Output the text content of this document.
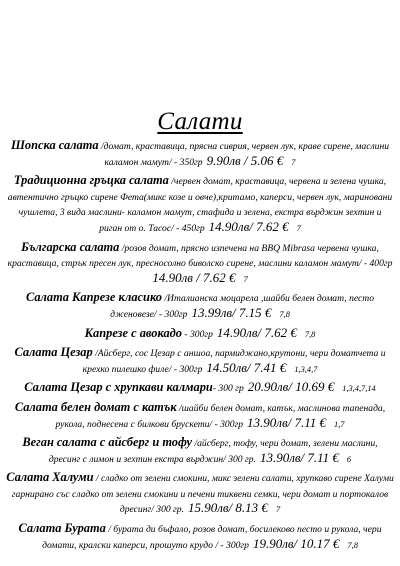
Салати
Шопска салата /домат, краставица, прясна сиврия, червен лук, краве сирене, маслини каламон мамут/ - 350гр 9.90лв / 5.06 € 7
Традиционна гръцка салата /червен домат, краставица, червена и зелена чушка, автентично гръцко сирене Фета(микс козе и овче),критамо, каперси, червен лук, мариновани чушлета, 3 вида маслини- каламон мамут, стафида и зелена, екстра върджин зехтин и риган от о. Тасос/ - 450гр 14.90лв/ 7.62 € 7
Българска салата /розов домат, прясно изпечена на BBQ Mibrasa червена чушка, краставица, стрък пресен лук, пресносолно биволско сирене, маслини каламон мамут/ - 400гр 14.90лв / 7.62 € 7
Салата Капрезе класико /Италианска моцарела ,шайби белен домат, песто дженовезе/ - 300гр 13.99лв/ 7.15 € 7,8
Капрезе с авокадо - 300гр 14.90лв/ 7.62 € 7,8
Салата Цезар /Айсберг, сос Цезар с аншоа, пармиджано,крутони, чери доматчета и крехко пилешко филе/ - 300гр 14.50лв/ 7.41 € 1,3,4,7
Салата Цезар с хрупкави калмари- 300 гр 20.90лв/ 10.69 € 1,3,4,7,14
Салата белен домат с катък /шайби белен домат, катък, маслинова тапенада, рукола, поднесена с билкови брускети/ - 300гр 13.90лв/ 7.11 € 1,7
Веган салата с айсберг и тофу /айсберг, тофу, чери домат, зелени маслини, дресинг с лимон и зехтин екстра върджин/ 300 гр. 13.90лв/ 7.11 € 6
Салата Халуми / сладко от зелени смокини, микс зелени салати, хрупкаво сирене Халуми гарнирано със сладко от зелени смокини и печени тиквени семки, чери домат и портокалов дресинг/ 300 гр. 15.90лв/ 8.13 € 7
Салата Бурата / бурата ди бъфало, розов домат, босилеково песто и рукола, чери домати, кралски каперси, прошуто крудо / - 300гр 19.90лв/ 10.17 € 7,8
